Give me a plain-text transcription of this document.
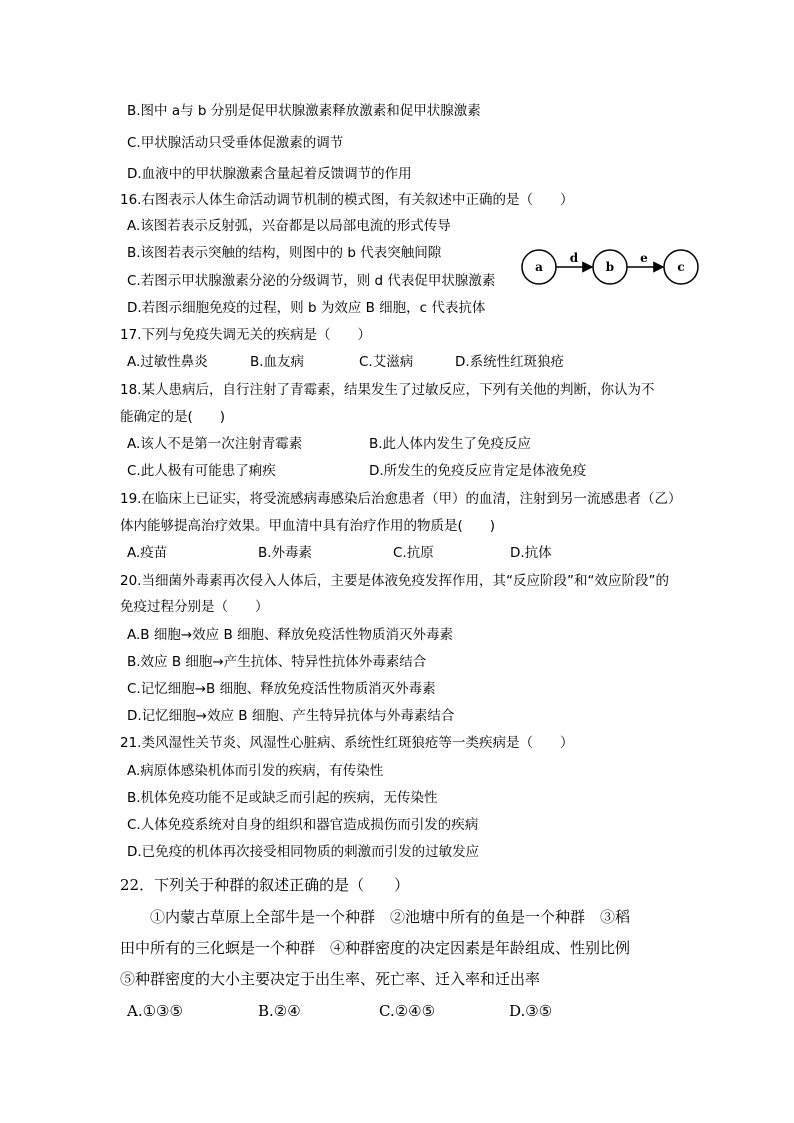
B.图中 a与 b 分别是促甲状腺激素释放激素和促甲状腺激素
C.甲状腺活动只受垂体促激素的调节
D.血液中的甲状腺激素含量起着反馈调节的作用
16.右图表示人体生命活动调节机制的模式图，有关叙述中正确的是（　　）
A.该图若表示反射弧，兴奋都是以局部电流的形式传导
B.该图若表示突触的结构，则图中的 b 代表突触间隙
C.若图示甲状腺激素分泌的分级调节，则 d 代表促甲状腺激素
D.若图示细胞免疫的过程，则 b 为效应 B 细胞，c 代表抗体
a
d
b
e
c
17.下列与免疫失调无关的疾病是（　　）
A.过敏性鼻炎	B.血友病	C.艾滋病	D.系统性红斑狼疮
18.某人患病后，自行注射了青霉素，结果发生了过敏反应，下列有关他的判断，你认为不
能确定的是(　　)
A.该人不是第一次注射青霉素	B.此人体内发生了免疫反应
C.此人极有可能患了痢疾	D.所发生的免疫反应肯定是体液免疫
19.在临床上已证实，将受流感病毒感染后治愈患者（甲）的血清，注射到另一流感患者（乙）
体内能够提高治疗效果。甲血清中具有治疗作用的物质是(　　)
A.疫苗	B.外毒素	C.抗原	D.抗体
20.当细菌外毒素再次侵入人体后，主要是体液免疫发挥作用，其“反应阶段”和“效应阶段”的
免疫过程分别是（　　）
A.B 细胞→效应 B 细胞、释放免疫活性物质消灭外毒素
B.效应 B 细胞→产生抗体、特异性抗体外毒素结合
C.记忆细胞→B 细胞、释放免疫活性物质消灭外毒素
D.记忆细胞→效应 B 细胞、产生特异抗体与外毒素结合
21.类风湿性关节炎、风湿性心脏病、系统性红斑狼疮等一类疾病是（　　）
A.病原体感染机体而引发的疾病，有传染性
B.机体免疫功能不足或缺乏而引起的疾病，无传染性
C.人体免疫系统对自身的组织和器官造成损伤而引发的疾病
D.已免疫的机体再次接受相同物质的刺激而引发的过敏发应
22．下列关于种群的叙述正确的是（　　）
　　①内蒙古草原上全部牛是一个种群　②池塘中所有的鱼是一个种群　③稻
田中所有的三化螟是一个种群　④种群密度的决定因素是年龄组成、性别比例
⑤种群密度的大小主要决定于出生率、死亡率、迁入率和迁出率
A.①③⑤	B.②④	C.②④⑤	D.③⑤
